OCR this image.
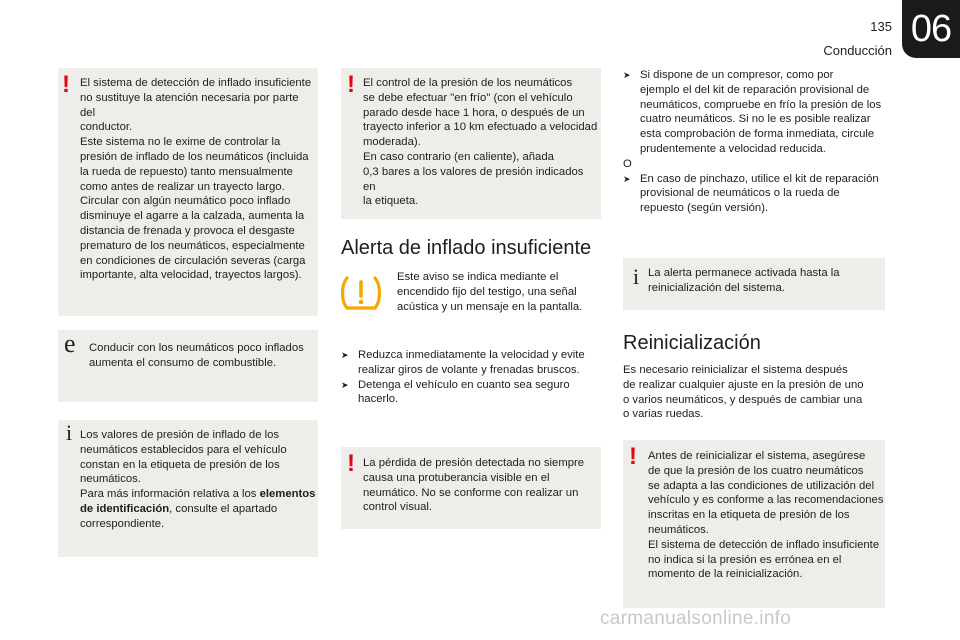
135
Conducción
06
! El sistema de detección de inflado insuficiente

no sustituye la atención necesaria por parte del

conductor.

Este sistema no le exime de controlar la

presión de inflado de los neumáticos (incluida

la rueda de repuesto) tanto mensualmente

como antes de realizar un trayecto largo.

Circular con algún neumático poco inflado

disminuye el agarre a la calzada, aumenta la

distancia de frenada y provoca el desgaste

prematuro de los neumáticos, especialmente

en condiciones de circulación severas (carga

importante, alta velocidad, trayectos largos).

e Conducir con los neumáticos poco inflados

aumenta el consumo de combustible.

i Los valores de presión de inflado de los

neumáticos establecidos para el vehículo

constan en la etiqueta de presión de los

neumáticos.

Para más información relativa a los elementos

de identificación, consulte el apartado

correspondiente.

! El control de la presión de los neumáticos

se debe efectuar "en frío" (con el vehículo

parado desde hace 1 hora, o después de un

trayecto inferior a 10 km efectuado a velocidad

moderada).

En caso contrario (en caliente), añada

0,3 bares a los valores de presión indicados en

la etiqueta.

Alerta de inflado insuficiente

Este aviso se indica mediante el

encendido fijo del testigo, una señal

acústica y un mensaje en la pantalla.

➤ Reduzca inmediatamente la velocidad y evite
realizar giros de volante y frenadas bruscos.
➤ Detenga el vehículo en cuanto sea seguro
hacerlo.
! La pérdida de presión detectada no siempre

causa una protuberancia visible en el

neumático. No se conforme con realizar un

control visual.

➤ Si dispone de un compresor, como por
ejemplo el del kit de reparación provisional de
neumáticos, compruebe en frío la presión de los
cuatro neumáticos. Si no le es posible realizar
esta comprobación de forma inmediata, circule
prudentemente a velocidad reducida.

O

➤ En caso de pinchazo, utilice el kit de reparación
provisional de neumáticos o la rueda de
repuesto (según versión).
i La alerta permanece activada hasta la

reinicialización del sistema.

Reinicialización

Es necesario reinicializar el sistema después

de realizar cualquier ajuste en la presión de uno

o varios neumáticos, y después de cambiar una

o varias ruedas.

! Antes de reinicializar el sistema, asegúrese

de que la presión de los cuatro neumáticos

se adapta a las condiciones de utilización del

vehículo y es conforme a las recomendaciones

inscritas en la etiqueta de presión de los

neumáticos.

El sistema de detección de inflado insuficiente

no indica si la presión es errónea en el

momento de la reinicialización.

carmanualsonline.info
